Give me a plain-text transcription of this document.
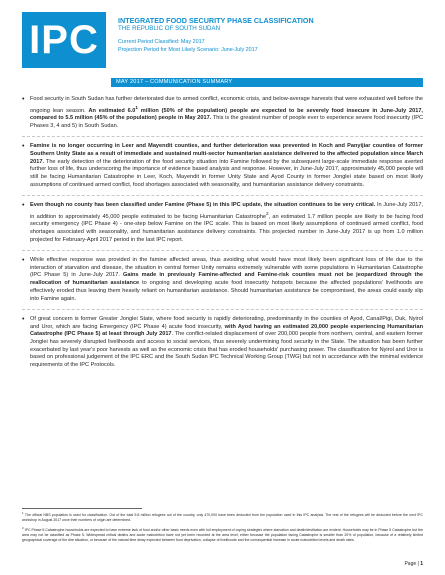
IPC	INTEGRATED FOOD SECURITY PHASE CLASSIFICATION
THE REPUBLIC OF SOUTH SUDAN
Current Period Classified: May 2017
Projection Period for Most Likely Scenario: June-July 2017
MAY 2017 – COMMUNICATION SUMMARY
• Food security in South Sudan has further deteriorated due to armed conflict, economic crisis, and below-average harvests that were exhausted well before the ongoing lean season. An estimated $6.0^1$ million (50% of the population) people are expected to be severely food insecure in June-July 2017, compared to 5.5 million (45% of the population) people in May 2017. This is the greatest number of people ever to experience severe food insecurity (IPC Phases 3, 4 and 5) in South Sudan.
• Famine is no longer occurring in Leer and Mayendit counties, and further deterioration was prevented in Koch and Panyijiar counties of former Southern Unity State as a result of immediate and sustained multi-sector humanitarian assistance delivered to the affected population since March 2017. The early detection of the deterioration of the food security situation into Famine followed by the subsequent large-scale immediate response averted further loss of life, thus underscoring the importance of evidence based analysis and response. However, in June-July 2017, approximately 45,000 people will still be facing Humanitarian Catastrophe in Leer, Koch, Mayendit in former Unity State and Ayod County in former Jonglei state based on most likely assumptions of continued armed conflict, food shortages associated with seasonality, and humanitarian assistance delivery constraints.
• Even though no county has been classified under Famine (Phase 5) in this IPC update, the situation continues to be very critical. In June-July 2017, in addition to approximately 45,000 people estimated to be facing Humanitarian Catastrophe$^2$, an estimated 1.7 million people are likely to be facing food security emergency (IPC Phase 4) - one-step below Famine on the IPC scale. This is based on most likely assumptions of continued armed conflict, food shortages associated with seasonality, and humanitarian assistance delivery constraints. This projected number in June-July 2017 is up from 1.0 million projected for February-April 2017 period in the last IPC report.
• While effective response was provided in the famine affected areas, thus avoiding what would have most likely been significant loss of life due to the interaction of starvation and disease, the situation in central former Unity remains extremely vulnerable with some populations in Humanitarian Catastrophe (IPC Phase 5) in June-July 2017. Gains made in previously Famine-affected and Famine-risk counties must not be jeopardized through the reallocation of humanitarian assistance to ongoing and developing acute food insecurity hotspots because the affected populations' livelihoods are effectively eroded thus leaving them heavily reliant on humanitarian assistance. Should humanitarian assistance be compromised, the areas could easily slip into Famine again.
• Of great concern is former Greater Jonglei State, where food security is rapidly deteriorating, predominantly in the counties of Ayod, Canal/Pigi, Duk, Nyirol and Uror, which are facing Emergency (IPC Phase 4) acute food insecurity, with Ayod having an estimated 20,000 people experiencing Humanitarian Catastrophe (IPC Phase 5) at least through July 2017. The conflict-related displacement of over 200,000 people from northern, central, and eastern former Jonglei has severely disrupted livelihoods and access to social services, thus severely undermining food security in the State. The situation has been further exacerbated by last year's poor harvests as well as the economic crisis that has eroded households' purchasing power. The classification for Nyirol and Uror is based on professional judgement of the IPC ERC and the South Sudan IPC Technical Working Group (TWG) but not in accordance with the minimal evidence requirements of the IPC Protocols.
$^1$ The official NBS population is used for classification. Out of the total 5.8 million refugees out of the country, only 470,000 have been deducted from the population used in this IPC analysis. The rest of the refugees will be deducted before the next IPC workshop in August 2017 once their numbers of origin are determined.
$^2$ IPC Phase 5 Catastrophe households are expected to have extreme lack of food and/or other basic needs even with full employment of coping strategies where starvation and death/destitution are evident. Households may be in Phase 5 Catastrophe but the area may not be classified as Phase 5. Widespread critical deaths and acute malnutrition have not yet been recorded at the area level, either because the population facing Catastrophe is smaller than 20% of population, because of a relatively limited geographical coverage of the dire situation, or because of the natural time delay expected between food deprivation, collapse of livelihoods and the consequential increase in acute malnutrition levels and death rates.
Page | 1
